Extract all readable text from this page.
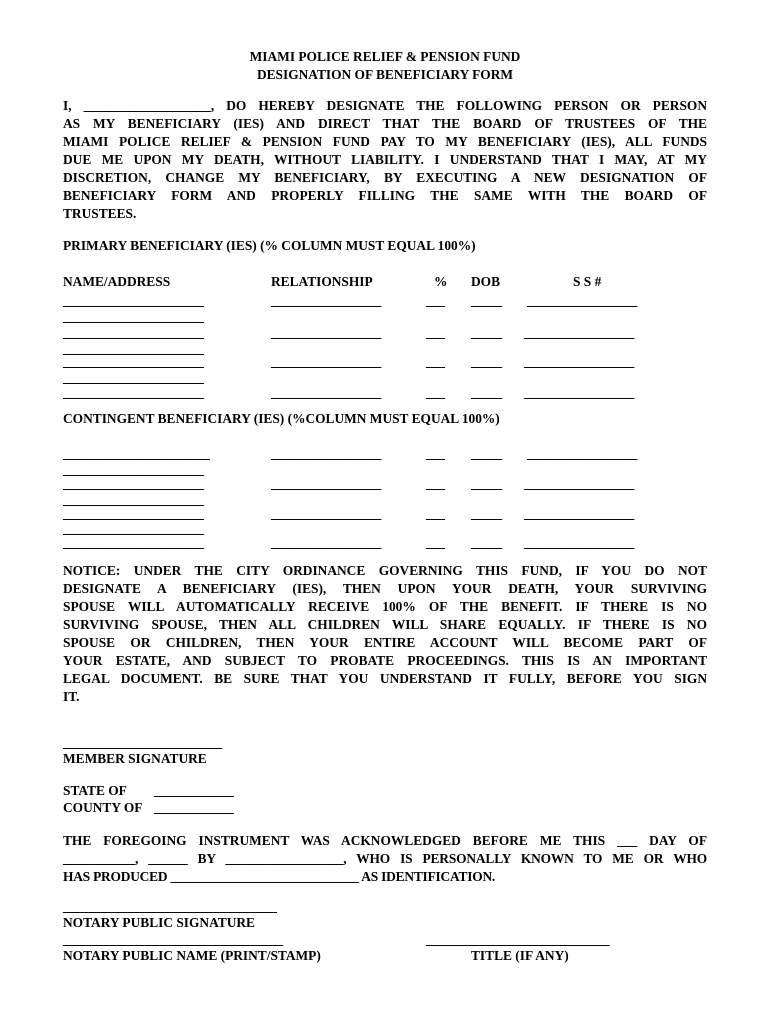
MIAMI POLICE RELIEF & PENSION FUND
DESIGNATION OF BENEFICIARY FORM
I, ___________________, DO HEREBY DESIGNATE THE FOLLOWING PERSON OR PERSON
AS MY BENEFICIARY (IES) AND DIRECT THAT THE BOARD OF TRUSTEES OF THE
MIAMI POLICE RELIEF & PENSION FUND PAY TO MY BENEFICIARY (IES), ALL FUNDS
DUE ME UPON MY DEATH, WITHOUT LIABILITY. I UNDERSTAND THAT I MAY, AT MY
DISCRETION, CHANGE MY BENEFICIARY, BY EXECUTING A NEW DESIGNATION OF
BENEFICIARY FORM AND PROPERLY FILLING THE SAME WITH THE BOARD OF
TRUSTEES.
PRIMARY BENEFICIARY (IES) (% COLUMN MUST EQUAL 100%)
NAME/ADDRESS	RELATIONSHIP	% DOB	S S #
_______________________	__________________	___ _____ __________________
_______________________
_______________________	__________________	___ _____ __________________
_______________________
_______________________	__________________	___ _____ __________________
_______________________
_______________________	__________________	___ _____ __________________
CONTINGENT BENEFICIARY (IES) (%COLUMN MUST EQUAL 100%)
________________________	__________________	___ _____ __________________
_______________________
_______________________	__________________	___ _____ __________________
_______________________
_______________________	__________________	___ _____ __________________
_______________________
_______________________	__________________	___ _____ __________________
NOTICE: UNDER THE CITY ORDINANCE GOVERNING THIS FUND, IF YOU DO NOT
DESIGNATE A BENEFICIARY (IES), THEN UPON YOUR DEATH, YOUR SURVIVING
SPOUSE WILL AUTOMATICALLY RECEIVE 100% OF THE BENEFIT. IF THERE IS NO
SURVIVING SPOUSE, THEN ALL CHILDREN WILL SHARE EQUALLY. IF THERE IS NO
SPOUSE OR CHILDREN, THEN YOUR ENTIRE ACCOUNT WILL BECOME PART OF
YOUR ESTATE, AND SUBJECT TO PROBATE PROCEEDINGS. THIS IS AN IMPORTANT
LEGAL DOCUMENT. BE SURE THAT YOU UNDERSTAND IT FULLY, BEFORE YOU SIGN
IT.
__________________________
MEMBER SIGNATURE
STATE OF _____________
COUNTY OF _____________
THE FOREGOING INSTRUMENT WAS ACKNOWLEDGED BEFORE ME THIS ___ DAY OF
___________, ______ BY __________________, WHO IS PERSONALLY KNOWN TO ME OR WHO
HAS PRODUCED _____________________________ AS IDENTIFICATION.
___________________________________
NOTARY PUBLIC SIGNATURE
____________________________________
NOTARY PUBLIC NAME (PRINT/STAMP)
______________________________
TITLE (IF ANY)
